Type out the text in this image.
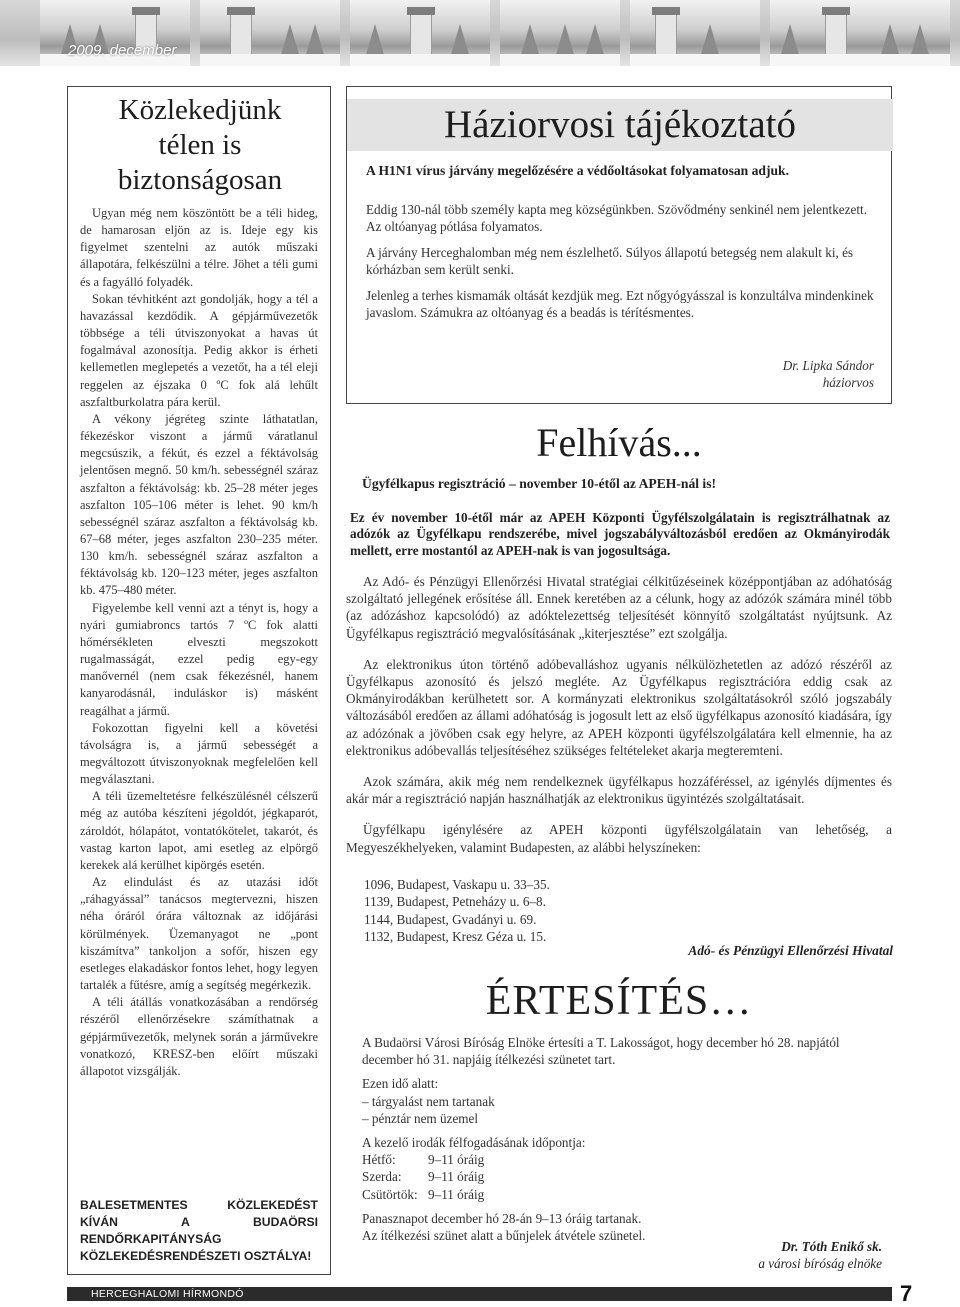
2009. december
Közlekedjünk
télen is
biztonságosan

Ugyan még nem köszöntött be a téli hideg, de hamarosan eljön az is. Ideje egy kis figyelmet szentelni az autók műszaki állapotára, felkészülni a télre. Jöhet a téli gumi és a fagyálló folyadék.

Sokan tévhitként azt gondolják, hogy a tél a havazással kezdődik. A gépjárművezetők többsége a téli útviszonyokat a havas út fogalmával azonosítja. Pedig akkor is érheti kellemetlen meglepetés a vezetőt, ha a tél eleji reggelen az éjszaka 0 ºC fok alá lehűlt aszfaltburkolatra pára kerül.

A vékony jégréteg szinte láthatatlan, fékezéskor viszont a jármű váratlanul megcsúszik, a fékút, és ezzel a féktávolság jelentősen megnő. 50 km/h. sebességnél száraz aszfalton a féktávolság: kb. 25–28 méter jeges aszfalton 105–106 méter is lehet. 90 km/h sebességnél száraz aszfalton a féktávolság kb. 67–68 méter, jeges aszfalton 230–235 méter. 130 km/h. sebességnél száraz aszfalton a féktávolság kb. 120–123 méter, jeges aszfalton kb. 475–480 méter.

Figyelembe kell venni azt a tényt is, hogy a nyári gumiabroncs tartós 7 ºC fok alatti hőmérsékleten elveszti megszokott rugalmasságát, ezzel pedig egy-egy manővernél (nem csak fékezésnél, hanem kanyarodásnál, induláskor is) másként reagálhat a jármű.

Fokozottan figyelni kell a követési távolságra is, a jármű sebességét a megváltozott útviszonyoknak megfelelően kell megválasztani.

A téli üzemeltetésre felkészülésnél célszerű még az autóba készíteni jégoldót, jégkaparót, zároldót, hólapátot, vontatókötelet, takarót, és vastag karton lapot, ami esetleg az elpörgő kerekek alá kerülhet kipörgés esetén.

Az elindulást és az utazási időt „ráhagyással” tanácsos megtervezni, hiszen néha óráról órára változnak az időjárási körülmények. Üzemanyagot ne „pont kiszámítva” tankoljon a sofőr, hiszen egy esetleges elakadáskor fontos lehet, hogy legyen tartalék a fűtésre, amíg a segítség megérkezik.

A téli átállás vonatkozásában a rendőrség részéről ellenőrzésekre számíthatnak a gépjárművezetők, melynek során a járművekre vonatkozó, KRESZ-ben előírt műszaki állapotot vizsgálják.

BALESETMENTES KÖZLEKEDÉST KÍVÁN A BUDAÖRSI RENDŐRKAPITÁNYSÁG KÖZLEKEDÉSRENDÉSZETI OSZTÁLYA!
Háziorvosi tájékoztató
A H1N1 vírus járvány megelőzésére a védőoltásokat folyamatosan adjuk.

Eddig 130-nál több személy kapta meg községünkben. Szövődmény senkinél nem jelentkezett. Az oltóanyag pótlása folyamatos.

A járvány Herceghalomban még nem észlelhető. Súlyos állapotú betegség nem alakult ki, és kórházban sem került senki.

Jelenleg a terhes kismamák oltását kezdjük meg. Ezt nőgyógyásszal is konzultálva mindenkinek javaslom. Számukra az oltóanyag és a beadás is térítésmentes.

Dr. Lipka Sándor
háziorvos
Felhívás...
Ügyfélkapus regisztráció – november 10-étől az APEH-nál is!
Ez év november 10-étől már az APEH Központi Ügyfélszolgálatain is regisztrálhatnak az adózók az Ügyfélkapu rendszerébe, mivel jogszabályváltozásból eredően az Okmányirodák mellett, erre mostantól az APEH-nak is van jogosultsága.

Az Adó- és Pénzügyi Ellenőrzési Hivatal stratégiai célkitűzéseinek középpontjában az adóhatóság szolgáltató jellegének erősítése áll. Ennek keretében az a célunk, hogy az adózók számára minél több (az adózáshoz kapcsolódó) az adóktelezettség teljesítését könnyítő szolgáltatást nyújtsunk. Az Ügyfélkapus regisztráció megvalósításának „kiterjesztése” ezt szolgálja.

Az elektronikus úton történő adóbevalláshoz ugyanis nélkülözhetetlen az adózó részéről az Ügyfélkapus azonosító és jelszó megléte. Az Ügyfélkapus regisztrációra eddig csak az Okmányirodákban kerülhetett sor. A kormányzati elektronikus szolgáltatásokról szóló jogszabály változásából eredően az állami adóhatóság is jogosult lett az első ügyfélkapus azonosító kiadására, így az adózónak a jövőben csak egy helyre, az APEH központi ügyfélszolgálatára kell elmennie, ha az elektronikus adóbevallás teljesítéséhez szükséges feltételeket akarja megteremteni.

Azok számára, akik még nem rendelkeznek ügyfélkapus hozzáféréssel, az igénylés díjmentes és akár már a regisztráció napján használhatják az elektronikus ügyintézés szolgáltatásait.

Ügyfélkapu igénylésére az APEH központi ügyfélszolgálatain van lehetőség, a Megyeszékhelyeken, valamint Budapesten, az alábbi helyszíneken:

1096, Budapest, Vaskapu u. 33–35.
1139, Budapest, Petneházy u. 6–8.
1144, Budapest, Gvadányi u. 69.
1132, Budapest, Kresz Géza u. 15.
Adó- és Pénzügyi Ellenőrzési Hivatal
ÉRTESÍTÉS…
A Budaörsi Városi Bíróság Elnöke értesíti a T. Lakosságot, hogy december hó 28. napjától december hó 31. napjáig ítélkezési szünetet tart.
Ezen idő alatt:
– tárgyalást nem tartanak
– pénztár nem üzemel
A kezelő irodák félfogadásának időpontja:
Hétfő:	9–11 óráig
Szerda:	9–11 óráig
Csütörtök: 9–11 óráig
Panasznapot december hó 28-án 9–13 óráig tartanak.
Az ítélkezési szünet alatt a bűnjelek átvétele szünetel.
Dr. Tóth Enikő sk.
a városi bíróság elnöke
HERCEGHALOMI HÍRMONDÓ	7
